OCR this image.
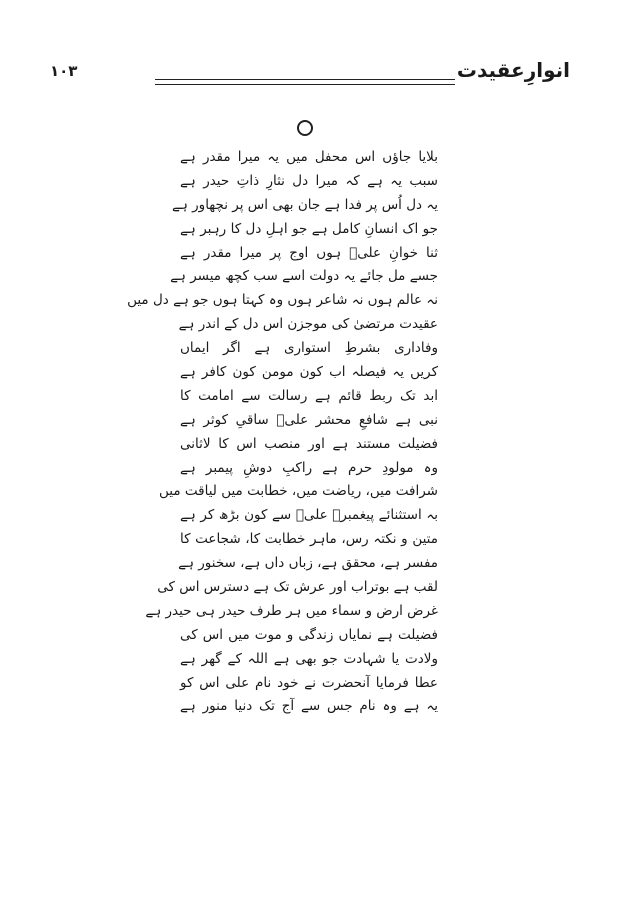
انوارِعقیدت
١٠٣
بلایا جاؤں اس محفل میں یہ میرا مقدر ہے
سبب یہ ہے کہ میرا دل نثارِ ذاتِ حیدر ہے
یہ دل اُس پر فدا ہے جان بھی اس پر نچھاور ہے
جو اک انسانِ کامل ہے جو اہلِ دل کا رہبر ہے
ثنا خوانِ علیؑ ہوں اوج پر میرا مقدر ہے
جسے مل جائے یہ دولت اسے سب کچھ میسر ہے
نہ عالم ہوں نہ شاعر ہوں وہ کہتا ہوں جو ہے دل میں
عقیدت مرتضیٰ کی موجزن اس دل کے اندر ہے
وفاداری بشرطِ استواری ہے اگر ایماں
کریں یہ فیصلہ اب کون مومن کون کافر ہے
ابد تک ربط قائم ہے رسالت سے امامت کا
نبی ہے شافعِ محشر علیؑ ساقیِ کوثر ہے
فضیلت مستند ہے اور منصب اس کا لاثانی
وہ مولودِ حرم ہے راکبِ دوشِ پیمبر ہے
شرافت میں، ریاضت میں، خطابت میں لیاقت میں
بہ استثنائے پیغمبرؐ علیؑ سے کون بڑھ کر ہے
متین و نکتہ رس، ماہر خطابت کا، شجاعت کا
مفسر ہے، محقق ہے، زباں داں ہے، سخنور ہے
لقب ہے بوتراب اور عرش تک ہے دسترس اس کی
غرض ارض و سماء میں ہر طرف حیدر ہی حیدر ہے
فضیلت ہے نمایاں زندگی و موت میں اس کی
ولادت یا شہادت جو بھی ہے اللہ کے گھر ہے
عطا فرمایا آنحضرت نے خود نام علی اس کو
یہ ہے وہ نام جس سے آج تک دنیا منور ہے
